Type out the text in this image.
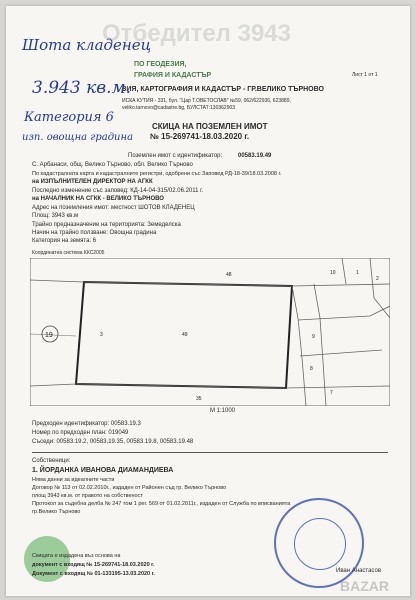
Отбедител 3943
Шота кладенец
3.943 кв.м.
Категория 6
изп. овощна градина
ПО ГЕОДЕЗИЯ,
ГРАФИЯ И КАДАСТЪР	Лист 1 от 1
ЗИЯ, КАРТОГРАФИЯ И КАДАСТЪР - ГР.ВЕЛИКО ТЪРНОВО
ИСКА КУТИЯ - 331, бул. "Цар Т.ОВЕТОСЛАВ" №59, 062/622936, 623889,
veliko.tarnovo@cadastre.bg, БУЛСТАТ:130362903
СКИЦА НА ПОЗЕМЛЕН ИМОТ
№ 15-269741-18.03.2020 г.
Поземлен имот с идентификатор:	00583.19.49
С. Арбанаси, общ. Велико Търново, обл. Велико Търново
По кадастралната карта и кадастралните регистри, одобрени със Заповед РД-18-39/18.03.2008 г.
на ИЗПЪЛНИТЕЛЕН ДИРЕКТОР НА АГКК
Последно изменение със заповед: КД-14-04-315/02.06.2011 г.
на НАЧАЛНИК НА СГКК - ВЕЛИКО ТЪРНОВО
Адрес на поземления имот: местност ШОТОВ КЛАДЕНЕЦ
Площ: 3943 кв.м
Трайно предназначение на територията: Земеделска
Начин на трайно ползване: Овощна градина
Категория на земята: 6
Координатна система ККС2005
19	49
48
3
35
9
8
7
10	1
2
М 1:1000
Предходен идентификатор: 00583.19.3
Номер по предходен план: 019049
Съседи: 00583.19.2, 00583.19.35, 00583.19.8, 00583.19.48
Собственици:
1. ЙОРДАНКА ИВАНОВА ДИАМАНДИЕВА
Няма данни за идеалните части
Договор № 113 от 02.02.2010г., издаден от Районен съд гр. Велико Търново
площ 3943 кв.м. от правото на собственост
Протокол за съдебна делба № 247 том 1 рег. 569 от 01.02.2011г., издаден от Служба по вписванията
гр.Велико Търново
Скицата е издадена въз основа на
документ с входящ № 15-269741-18.03.2020 г.
Документ с входящ № 01-133195-13.03.2020 г.	Иван Анастасов
BAZAR
